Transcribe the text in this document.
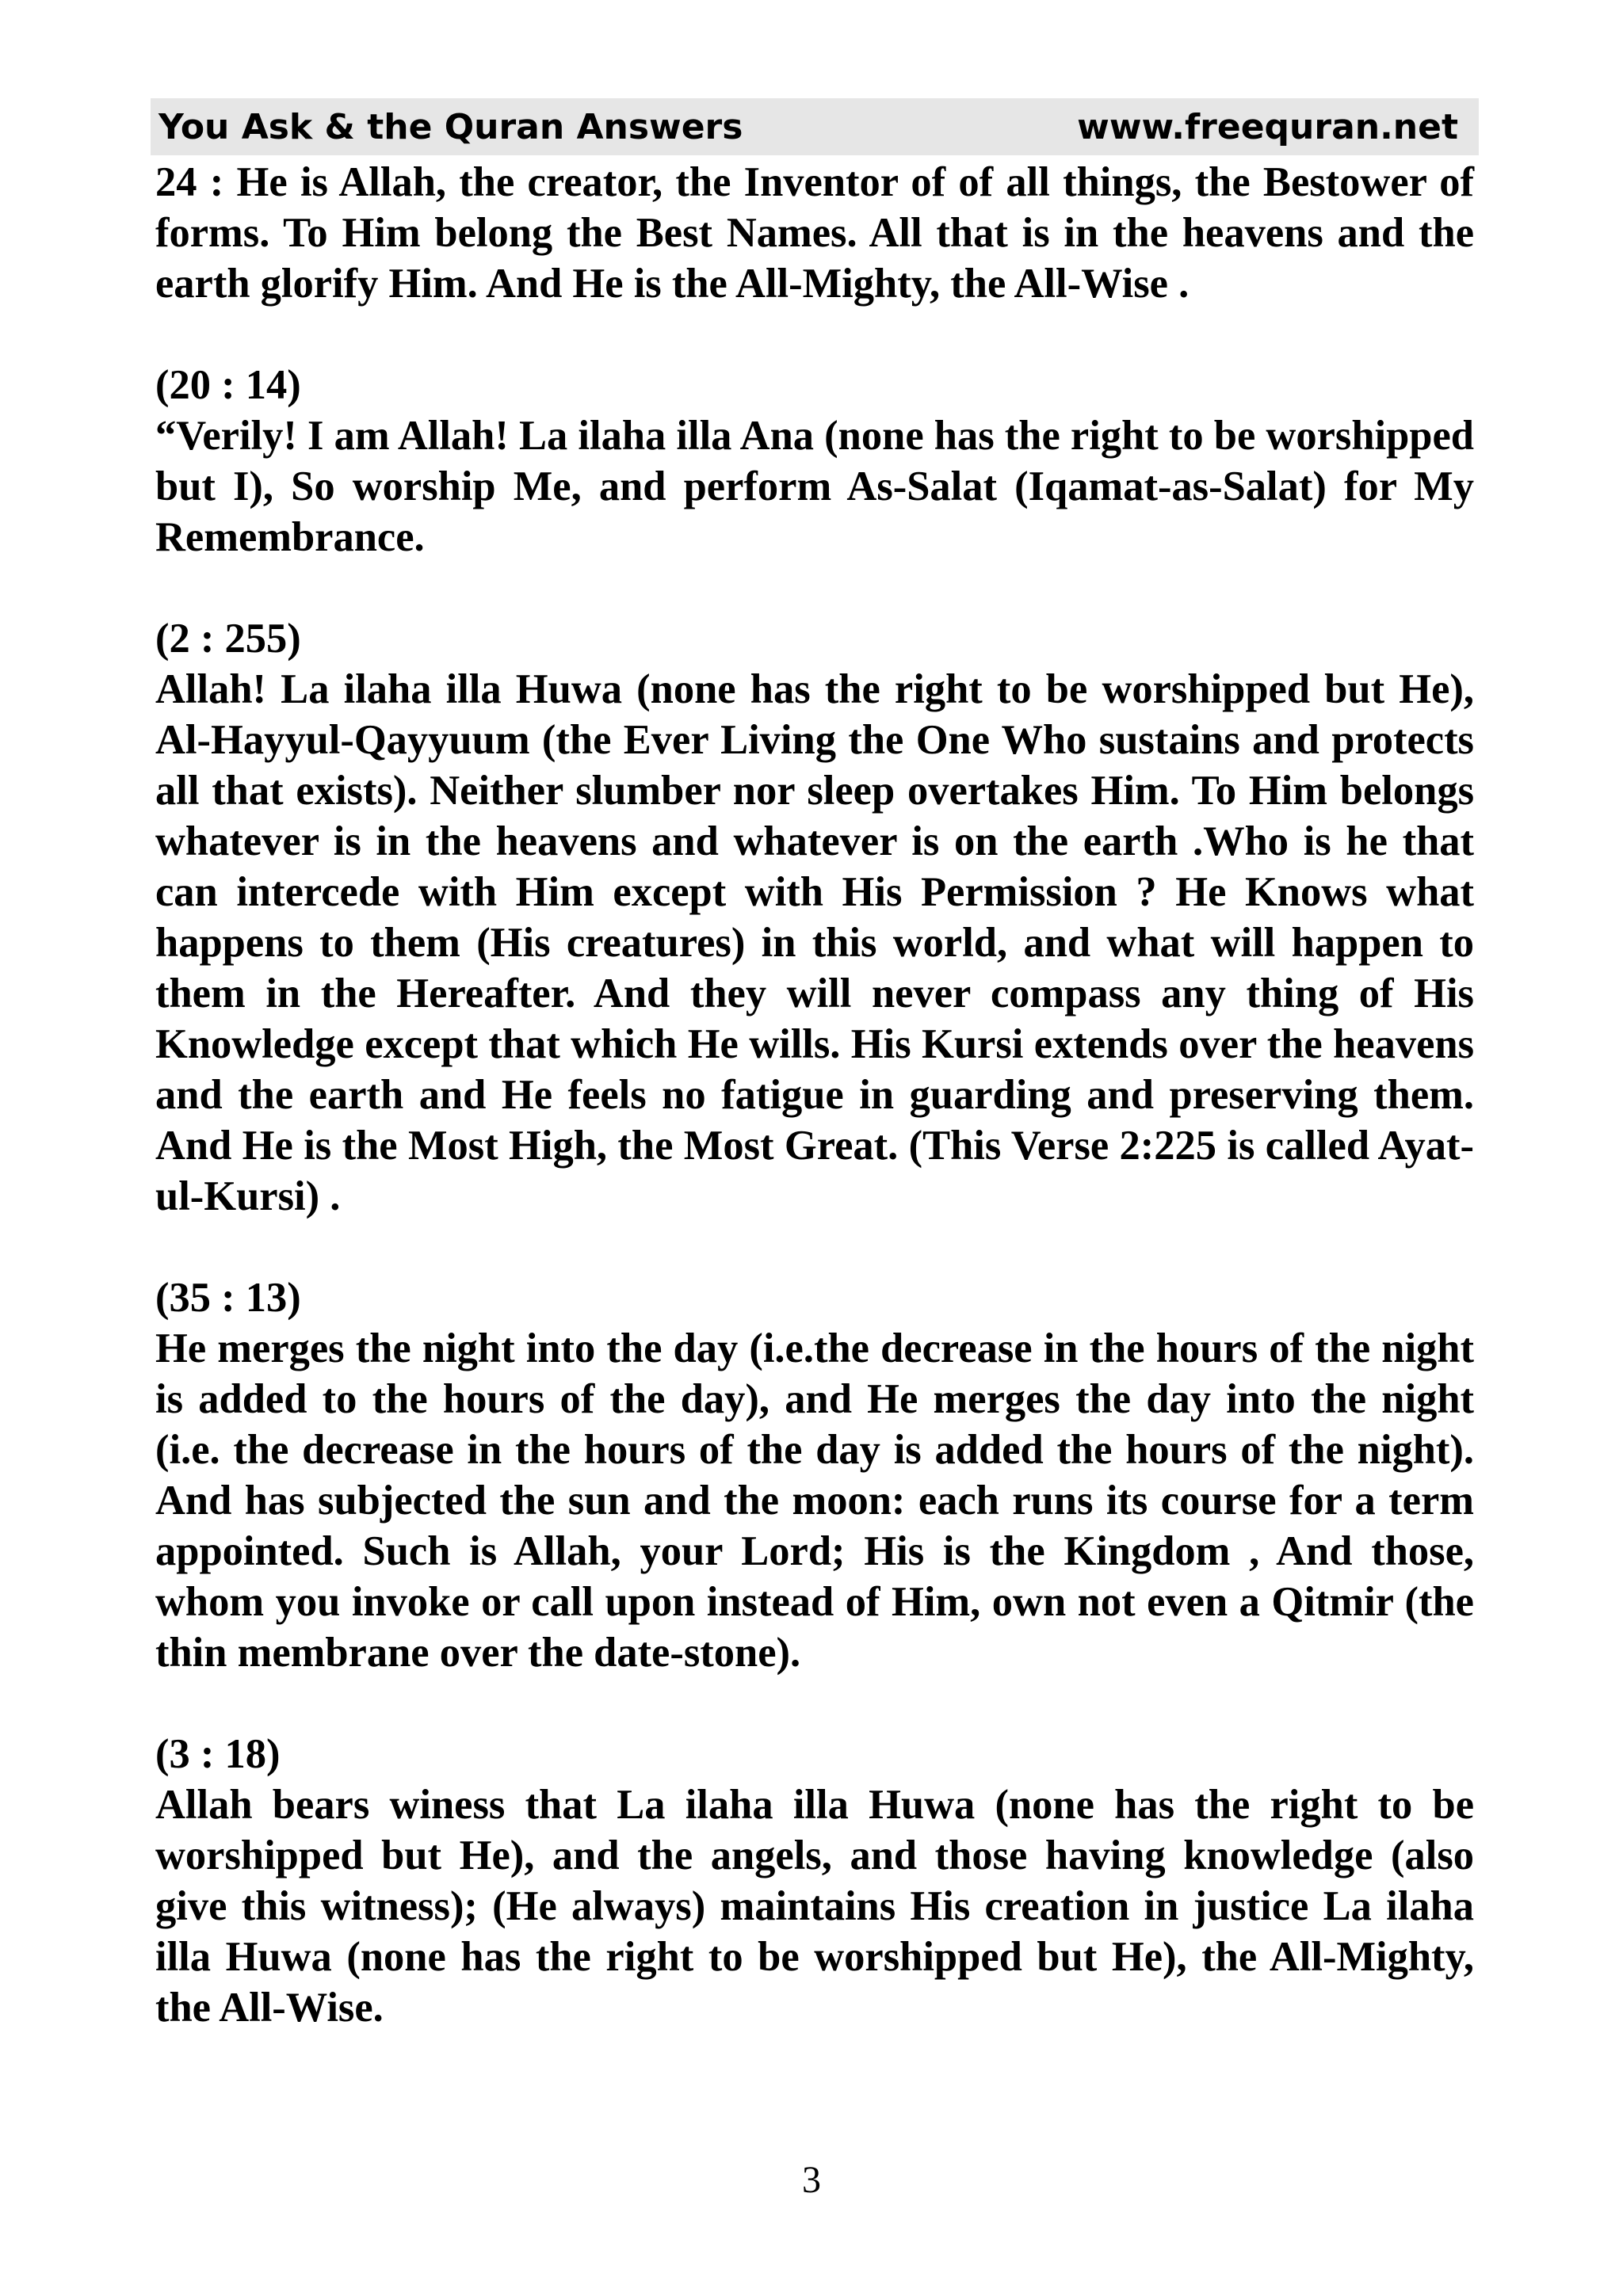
You Ask & the Quran Answers	www.freequran.net

24 : He is Allah, the creator, the Inventor of of all things, the Bestower of forms. To Him belong the Best Names. All that is in the heavens and the earth glorify Him. And He is the All-Mighty, the All-Wise .

(20 : 14)

“Verily! I am Allah! La ilaha illa Ana (none has the right to be worshipped but I), So worship Me, and perform As-Salat (Iqamat-as-Salat) for My Remembrance.

(2 : 255)

Allah! La ilaha illa Huwa (none has the right to be worshipped but He), Al-Hayyul-Qayyuum (the Ever Living the One Who sustains and protects all that exists). Neither slumber nor sleep overtakes Him. To Him belongs whatever is in the heavens and whatever is on the earth .Who is he that can intercede with Him except with His Permission ? He Knows what happens to them (His creatures) in this world, and what will happen to them in the Hereafter. And they will never compass any thing of His Knowledge except that which He wills. His Kursi extends over the heavens and the earth and He feels no fatigue in guarding and preserving them. And He is the Most High, the Most Great. (This Verse 2:225 is called Ayat-ul-Kursi) .

(35 : 13)

He merges the night into the day (i.e.the decrease in the hours of the night is added to the hours of the day), and He merges the day into the night (i.e. the decrease in the hours of the day is added the hours of the night). And has subjected the sun and the moon: each runs its course for a term appointed. Such is Allah, your Lord; His is the Kingdom , And those, whom you invoke or call upon instead of Him, own not even a Qitmir (the thin membrane over the date-stone).

(3 : 18)

Allah bears winess that La ilaha illa Huwa (none has the right to be worshipped but He), and the angels, and those having knowledge (also give this witness); (He always) maintains His creation in justice La ilaha illa Huwa (none has the right to be worshipped but He), the All-Mighty, the All-Wise.

3
